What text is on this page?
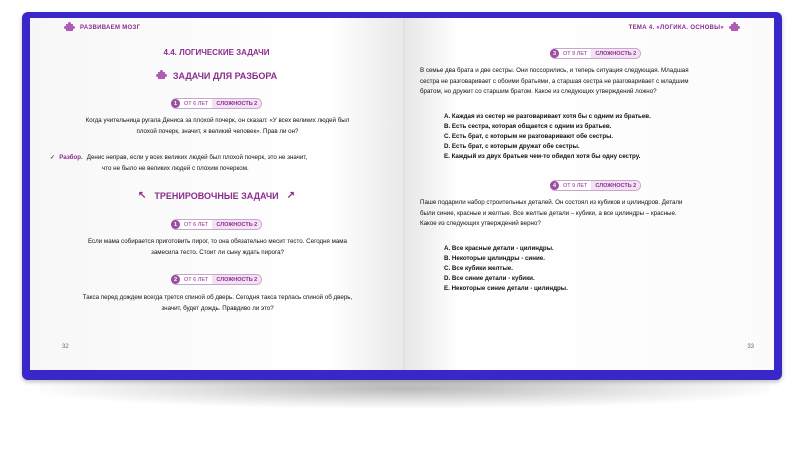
РАЗВИВАЕМ МОЗГ
4.4. ЛОГИЧЕСКИЕ ЗАДАЧИ
ЗАДАЧИ ДЛЯ РАЗБОРА
1	ОТ 6 ЛЕТ	СЛОЖНОСТЬ 2
Когда учительница ругала Дениса за плохой почерк, он сказал: «У всех великих людей был
плохой почерк, значит, я великий человек». Прав ли он?
✓ Разбор. Денис неправ, если у всех великих людей был плохой почерк, это не значит,
что не было не великих людей с плохим почерком.
↖ ТРЕНИРОВОЧНЫЕ ЗАДАЧИ ↗
1	ОТ 6 ЛЕТ	СЛОЖНОСТЬ 2
Если мама собирается приготовить пирог, то она обязательно месит тесто. Сегодня мама
замесила тесто. Стоит ли сыну ждать пирога?
2	ОТ 6 ЛЕТ	СЛОЖНОСТЬ 2
Такса перед дождем всегда трется спиной об дверь. Сегодня такса терлась спиной об дверь,
значит, будет дождь. Правдиво ли это?
32
ТЕМА 4. «ЛОГИКА. ОСНОВЫ»
3	ОТ 9 ЛЕТ	СЛОЖНОСТЬ 2
В семье два брата и две сестры. Они поссорились, и теперь ситуация следующая. Младшая
сестра не разговаривает с обоими братьями, а старшая сестра не разговаривает с младшим
братом, но дружит со старшим братом. Какое из следующих утверждений ложно?
A. Каждая из сестер не разговаривает хотя бы с одним из братьев.
B. Есть сестра, которая общается с одним из братьев.
C. Есть брат, с которым не разговаривают обе сестры.
D. Есть брат, с которым дружат обе сестры.
E. Каждый из двух братьев чем-то обидел хотя бы одну сестру.
4	ОТ 9 ЛЕТ	СЛОЖНОСТЬ 2
Паше подарили набор строительных деталей. Он состоял из кубиков и цилиндров. Детали
были синие, красные и желтые. Все желтые детали – кубики, а все цилиндры – красные.
Какое из следующих утверждений верно?
A. Все красные детали - цилиндры.
B. Некоторые цилиндры - синие.
C. Все кубики желтые.
D. Все синие детали - кубики.
E. Некоторые синие детали - цилиндры.
33
